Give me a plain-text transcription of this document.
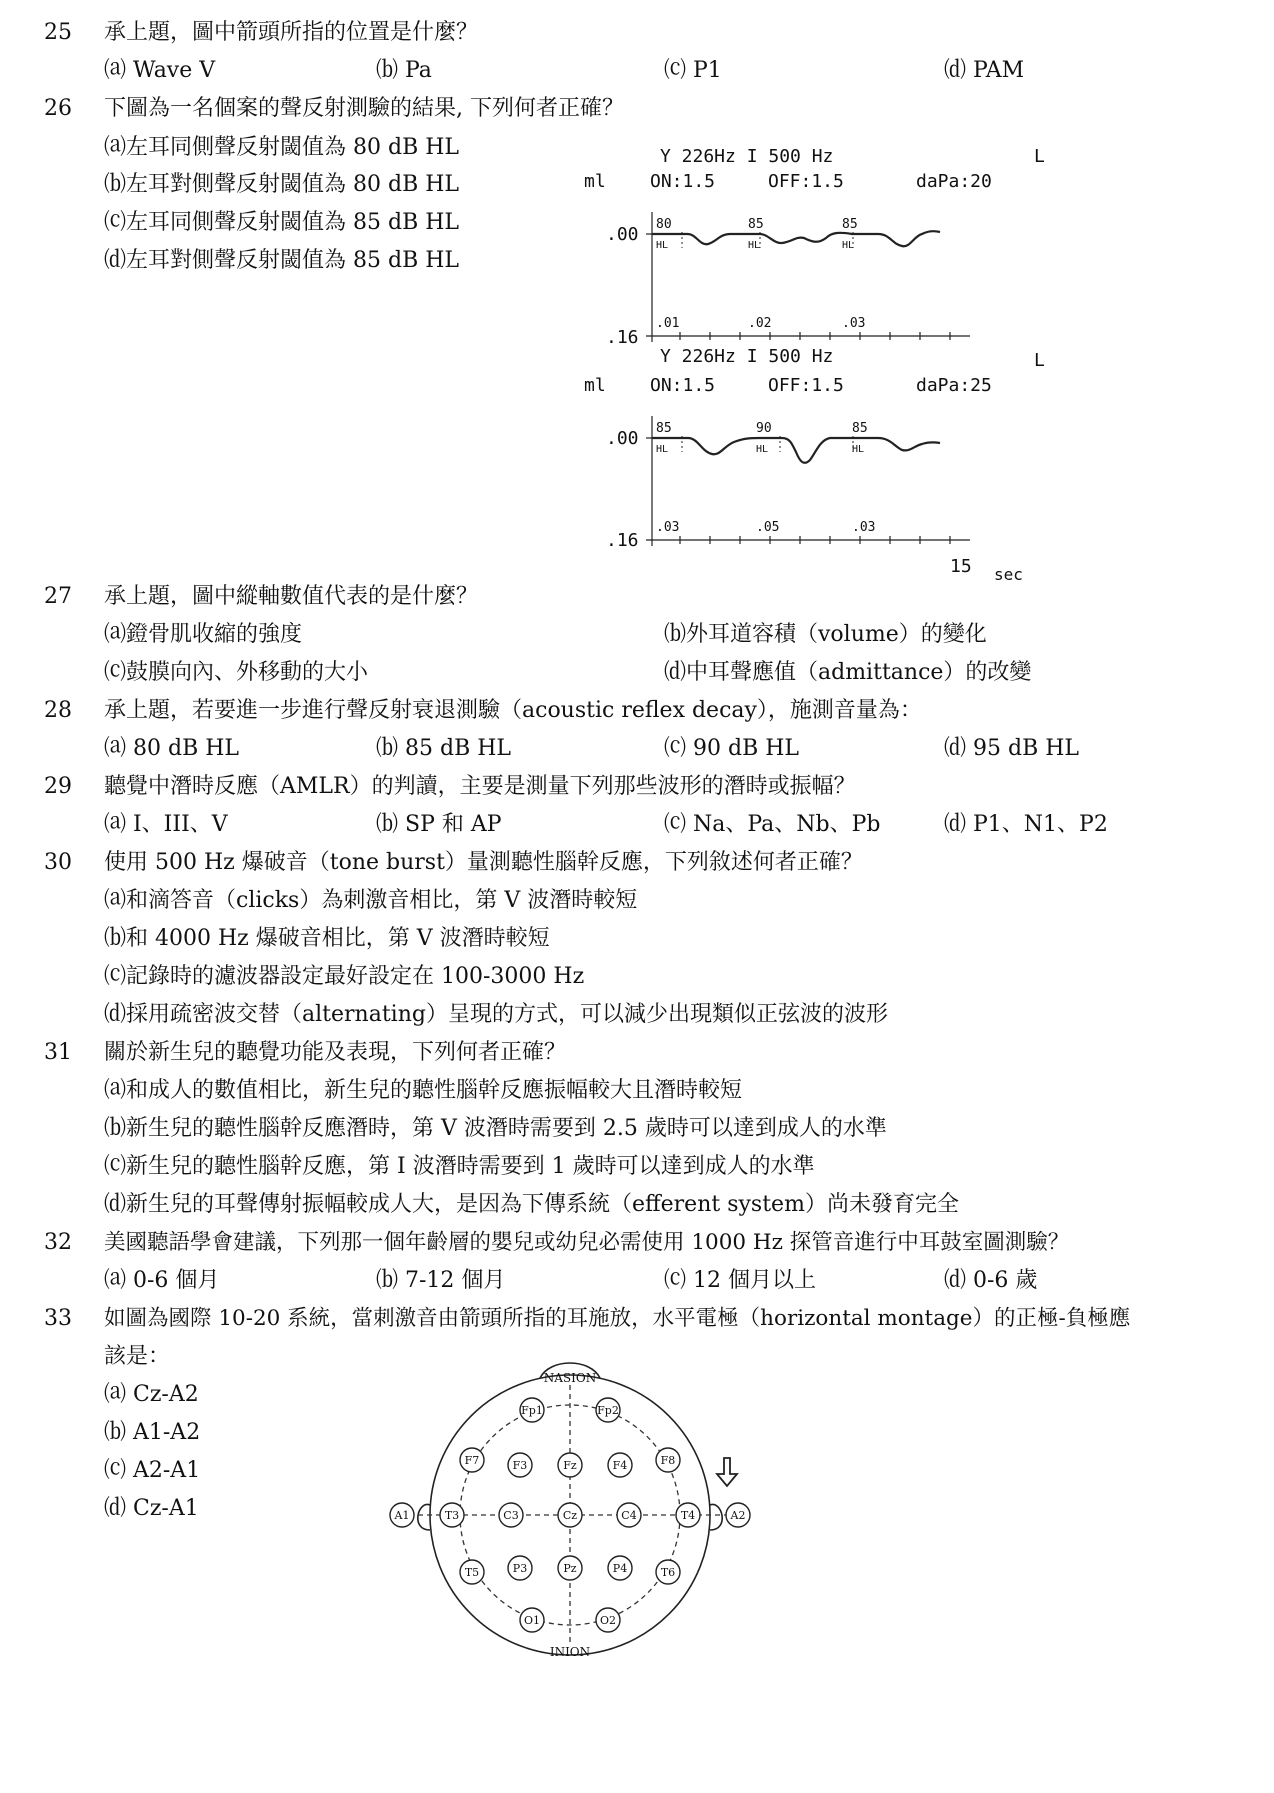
25 承上題，圖中箭頭所指的位置是什麼？
⒜ Wave V	⒝ Pa	⒞ P1	⒟ PAM
26 下圖為一名個案的聲反射測驗的結果, 下列何者正確？
⒜左耳同側聲反射閾值為 80 dB HL
⒝左耳對側聲反射閾值為 80 dB HL
⒞左耳同側聲反射閾值為 85 dB HL
⒟左耳對側聲反射閾值為 85 dB HL
Y 226Hz I 500 Hz	L
ml ON:1.5	OFF:1.5	daPa:20
.00
.16
80	85	85
HL	HL	HL
.01	.02	.03
Y 226Hz I 500 Hz	L
ml ON:1.5	OFF:1.5	daPa:25
.00
.16
15 sec
85	90	85
HL	HL	HL
.03	.05	.03
27 承上題，圖中縱軸數值代表的是什麼？
⒜鐙骨肌收縮的強度	⒝外耳道容積（volume）的變化
⒞鼓膜向內、外移動的大小	⒟中耳聲應值（admittance）的改變
28 承上題，若要進一步進行聲反射衰退測驗（acoustic reflex decay），施測音量為：
⒜ 80 dB HL	⒝ 85 dB HL	⒞ 90 dB HL	⒟ 95 dB HL
29 聽覺中潛時反應（AMLR）的判讀，主要是測量下列那些波形的潛時或振幅？
⒜ I、III、V	⒝ SP 和 AP	⒞ Na、Pa、Nb、Pb	⒟ P1、N1、P2
30 使用 500 Hz 爆破音（tone burst）量測聽性腦幹反應，下列敘述何者正確？
⒜和滴答音（clicks）為刺激音相比，第 V 波潛時較短
⒝和 4000 Hz 爆破音相比，第 V 波潛時較短
⒞記錄時的濾波器設定最好設定在 100-3000 Hz
⒟採用疏密波交替（alternating）呈現的方式，可以減少出現類似正弦波的波形
31 關於新生兒的聽覺功能及表現，下列何者正確？
⒜和成人的數值相比，新生兒的聽性腦幹反應振幅較大且潛時較短
⒝新生兒的聽性腦幹反應潛時，第 V 波潛時需要到 2.5 歲時可以達到成人的水準
⒞新生兒的聽性腦幹反應，第 I 波潛時需要到 1 歲時可以達到成人的水準
⒟新生兒的耳聲傳射振幅較成人大，是因為下傳系統（efferent system）尚未發育完全
32 美國聽語學會建議，下列那一個年齡層的嬰兒或幼兒必需使用 1000 Hz 探管音進行中耳鼓室圖測驗？
⒜ 0-6 個月	⒝ 7-12 個月	⒞ 12 個月以上	⒟ 0-6 歲
33 如圖為國際 10-20 系統，當刺激音由箭頭所指的耳施放，水平電極（horizontal montage）的正極-負極應
該是：
⒜ Cz-A2
⒝ A1-A2
⒞ A2-A1
⒟ Cz-A1
NASION
INION
Fp1	Fp2
F7	F3	Fz	F4	F8
A1	T3	C3	Cz	C4	T4	A2
T5	P3	Pz	P4	T6
O1	O2
